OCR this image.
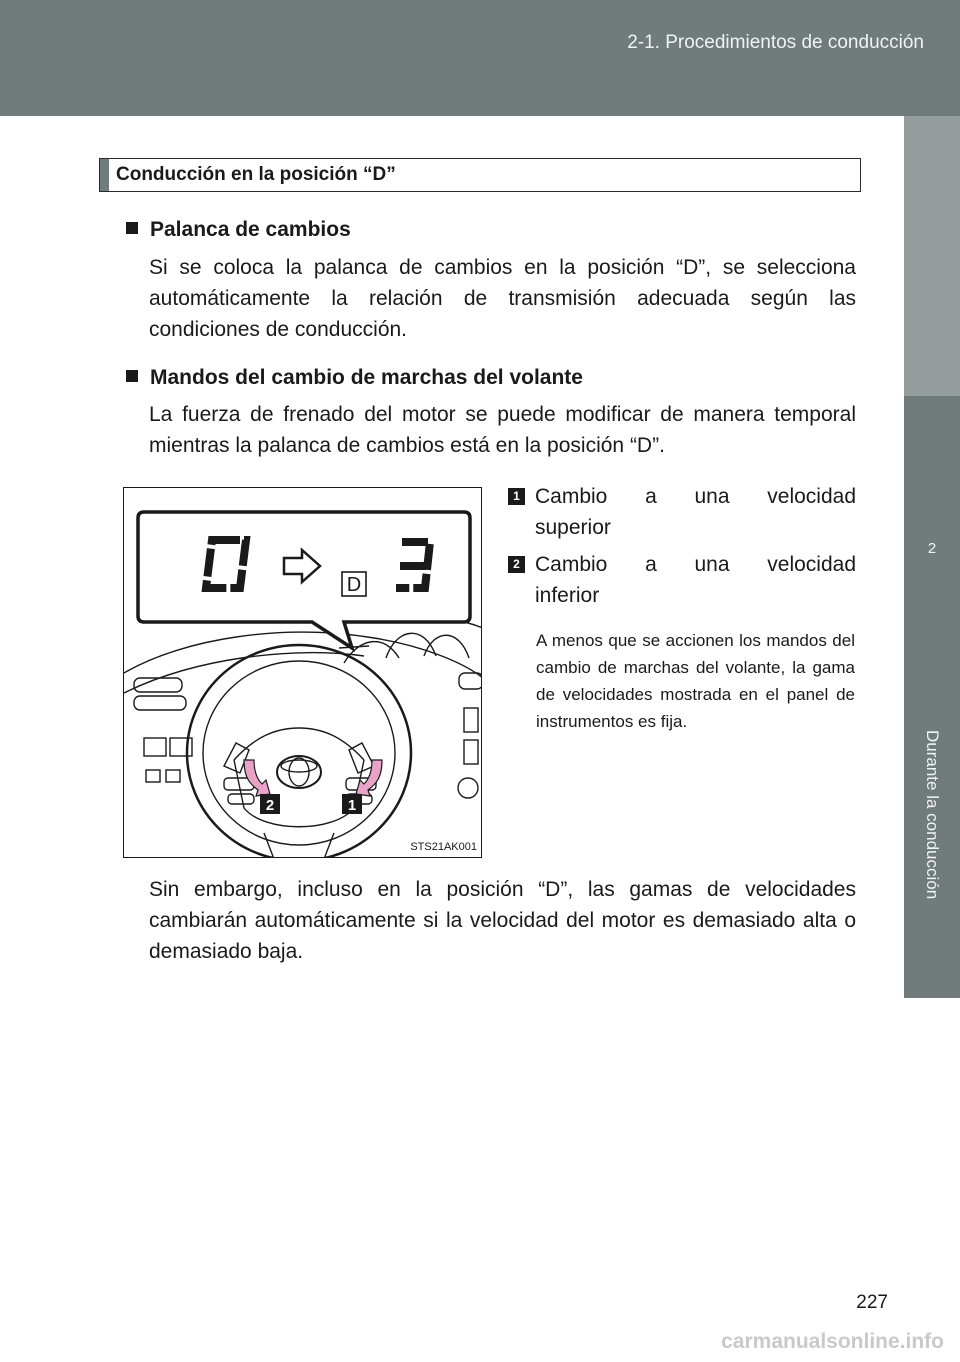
2-1. Procedimientos de conducción
2
Durante la conducción
Conducción en la posición “D”
Palanca de cambios
Si se coloca la palanca de cambios en la posición “D”, se selecciona automáticamente la relación de transmisión adecuada según las condiciones de conducción.
Mandos del cambio de marchas del volante
La fuerza de frenado del motor se puede modificar de manera temporal mientras la palanca de cambios está en la posición “D”.
D
2	1
STS21AK001
1 Cambio a una velocidad
superior
2 Cambio a una velocidad
inferior
A menos que se accionen los mandos del cambio de marchas del volante, la gama de velocidades mostrada en el panel de instrumentos es fija.
Sin embargo, incluso en la posición “D”, las gamas de velocidades cambiarán automáticamente si la velocidad del motor es demasiado alta o demasiado baja.
227
carmanualsonline.info
